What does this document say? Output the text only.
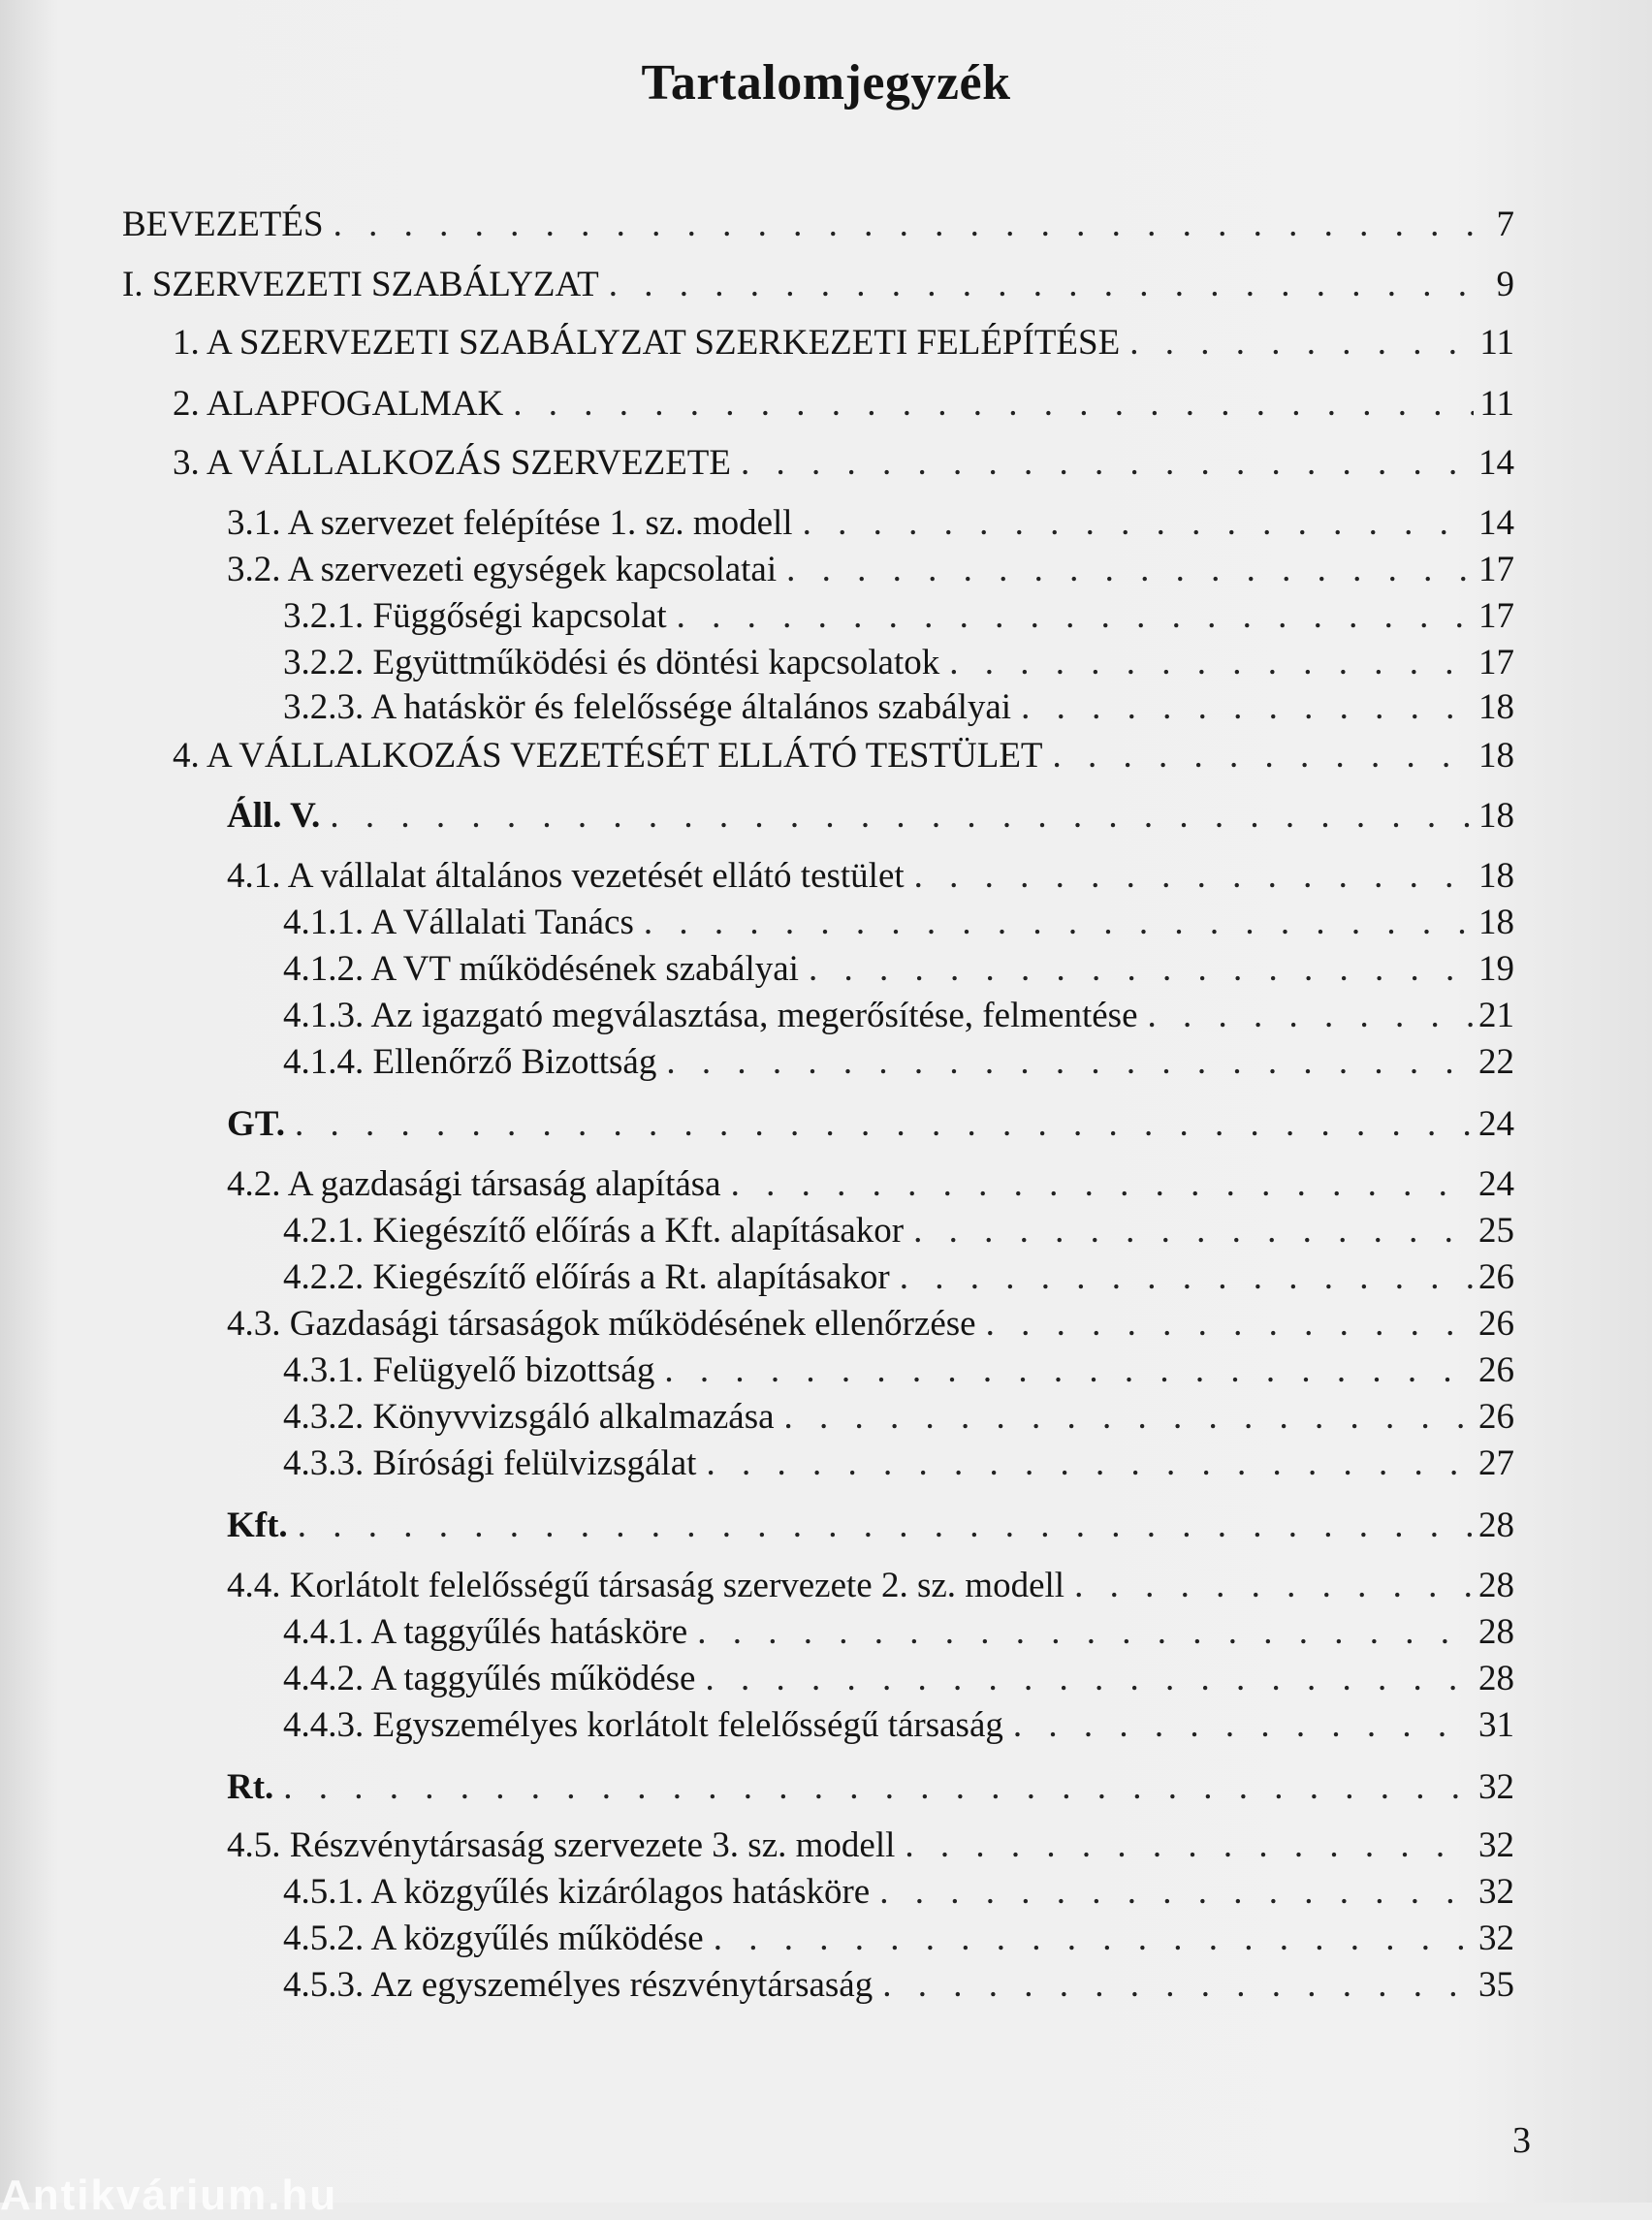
Tartalomjegyzék
BEVEZETÉS . . .	7
I. SZERVEZETI SZABÁLYZAT . . .	9
1. A SZERVEZETI SZABÁLYZAT SZERKEZETI FELÉPÍTÉSE . . .	11
2. ALAPFOGALMAK . . .	11
3. A VÁLLALKOZÁS SZERVEZETE . . .	14
3.1. A szervezet felépítése 1. sz. modell . . .	14
3.2. A szervezeti egységek kapcsolatai . . .	17
3.2.1. Függőségi kapcsolat . . .	17
3.2.2. Együttműködési és döntési kapcsolatok . . .	17
3.2.3. A hatáskör és felelőssége általános szabályai . . .	18
4. A VÁLLALKOZÁS VEZETÉSÉT ELLÁTÓ TESTÜLET . . .	18
Áll. V. . . .	18
4.1. A vállalat általános vezetését ellátó testület . . .	18
4.1.1. A Vállalati Tanács . . .	18
4.1.2. A VT működésének szabályai . . .	19
4.1.3. Az igazgató megválasztása, megerősítése, felmentése . . .	21
4.1.4. Ellenőrző Bizottság . . .	22
GT. . . .	24
4.2. A gazdasági társaság alapítása . . .	24
4.2.1. Kiegészítő előírás a Kft. alapításakor . . .	25
4.2.2. Kiegészítő előírás a Rt. alapításakor . . .	26
4.3. Gazdasági társaságok működésének ellenőrzése . . .	26
4.3.1. Felügyelő bizottság . . .	26
4.3.2. Könyvvizsgáló alkalmazása . . .	26
4.3.3. Bírósági felülvizsgálat . . .	27
Kft. . . .	28
4.4. Korlátolt felelősségű társaság szervezete 2. sz. modell . . .	28
4.4.1. A taggyűlés hatásköre . . .	28
4.4.2. A taggyűlés működése . . .	28
4.4.3. Egyszemélyes korlátolt felelősségű társaság . . .	31
Rt. . . .	32
4.5. Részvénytársaság szervezete 3. sz. modell . . .	32
4.5.1. A közgyűlés kizárólagos hatásköre . . .	32
4.5.2. A közgyűlés működése . . .	32
4.5.3. Az egyszemélyes részvénytársaság . . .	35
3
Antikvárium.hu
